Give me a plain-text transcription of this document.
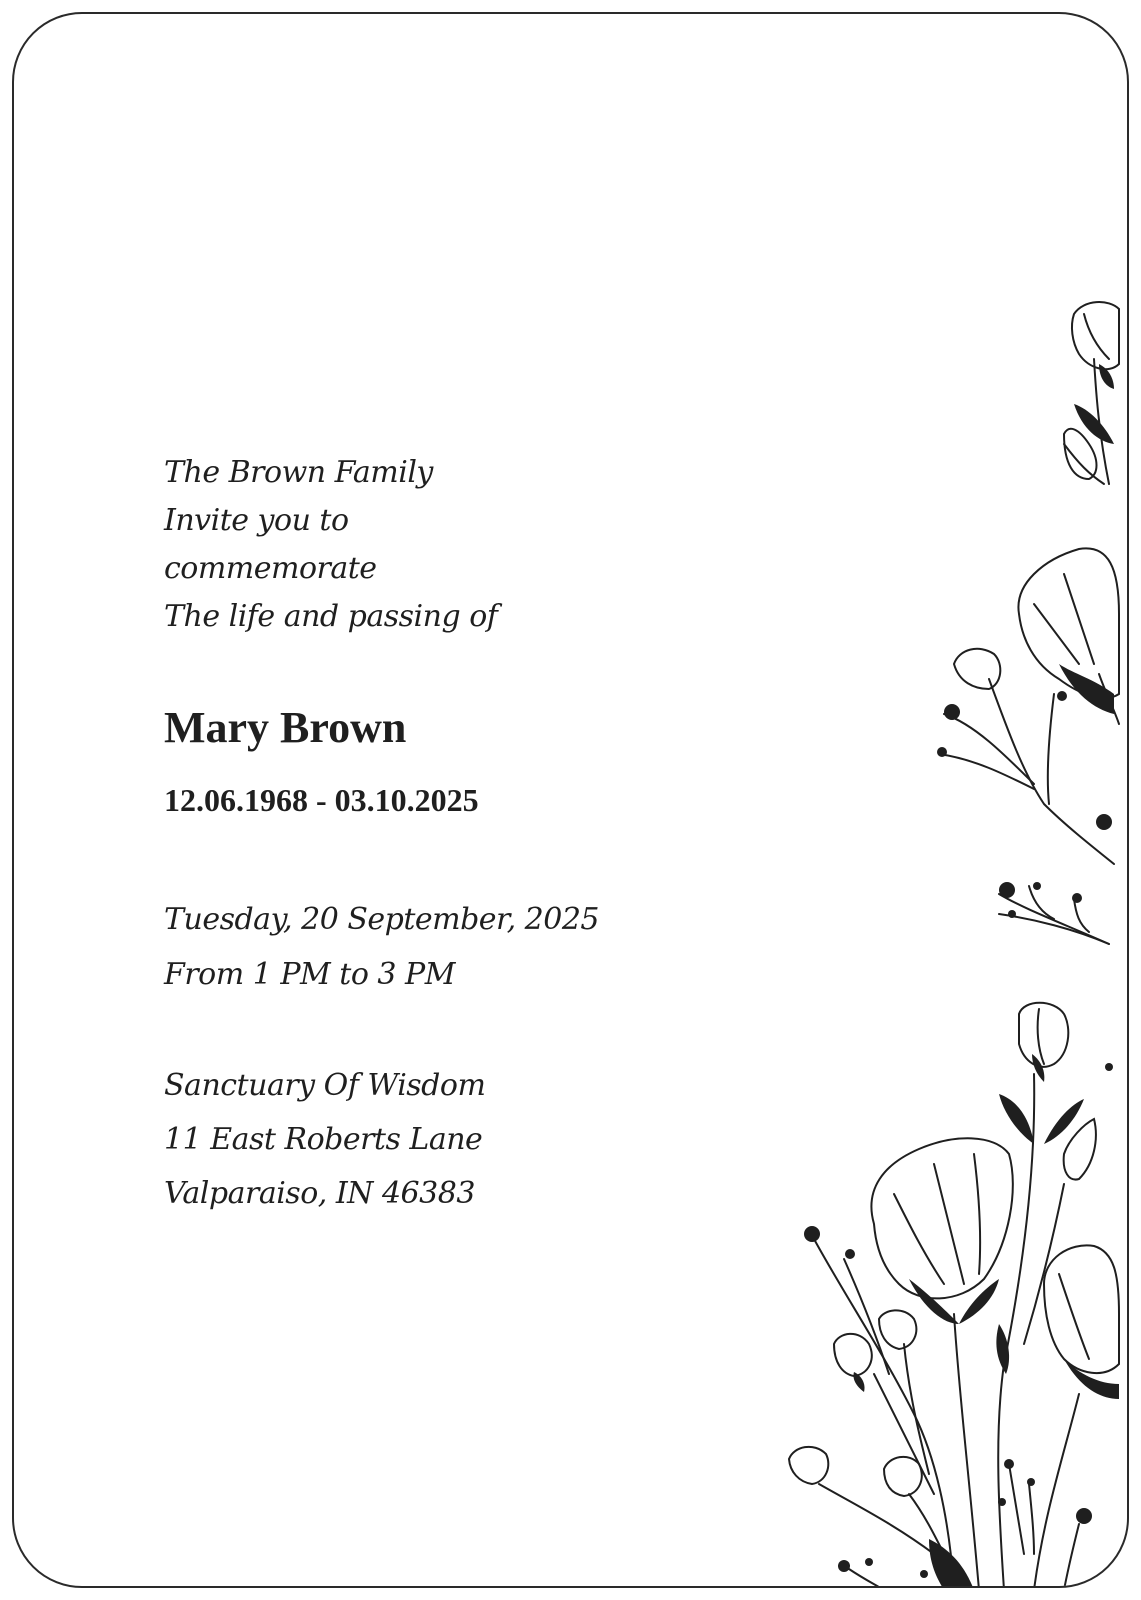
The Brown Family
Invite you to
commemorate
The life and passing of
Mary Brown
12.06.1968 - 03.10.2025
Tuesday, 20 September, 2025
From 1 PM to 3 PM
Sanctuary Of Wisdom
11 East Roberts Lane
Valparaiso, IN 46383
